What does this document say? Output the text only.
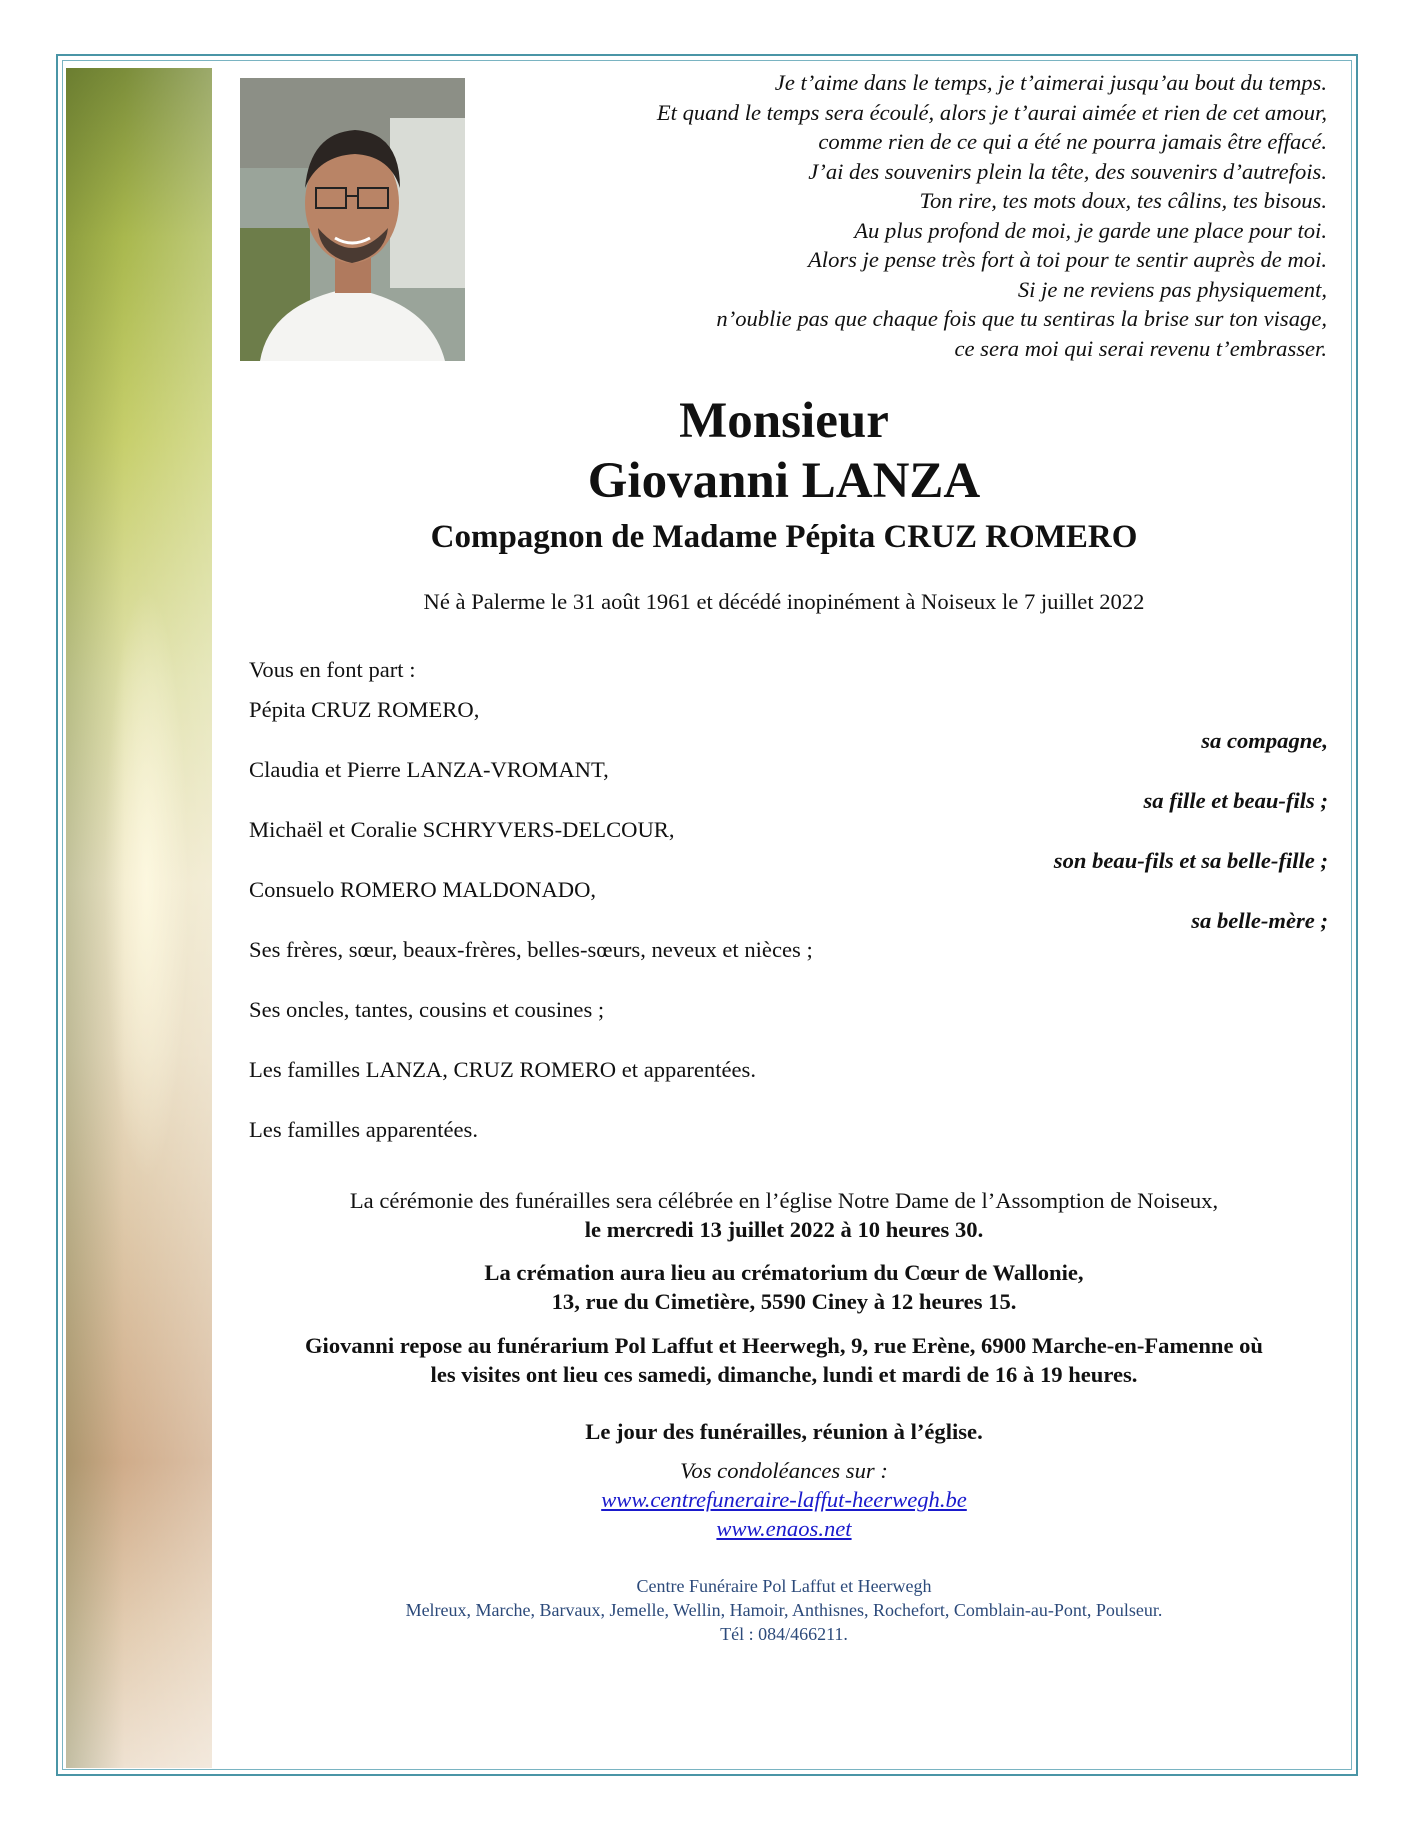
Je t’aime dans le temps, je t’aimerai jusqu’au bout du temps.
Et quand le temps sera écoulé, alors je t’aurai aimée et rien de cet amour,
comme rien de ce qui a été ne pourra jamais être effacé.
J’ai des souvenirs plein la tête, des souvenirs d’autrefois.
Ton rire, tes mots doux, tes câlins, tes bisous.
Au plus profond de moi, je garde une place pour toi.
Alors je pense très fort à toi pour te sentir auprès de moi.
Si je ne reviens pas physiquement,
n’oublie pas que chaque fois que tu sentiras la brise sur ton visage,
ce sera moi qui serai revenu t’embrasser.
Monsieur
Giovanni LANZA
Compagnon de Madame Pépita CRUZ ROMERO
Né à Palerme le 31 août 1961 et décédé inopinément à Noiseux le 7 juillet 2022
Vous en font part :
Pépita CRUZ ROMERO,
sa compagne,
Claudia et Pierre LANZA-VROMANT,
sa fille et beau-fils ;
Michaël et Coralie SCHRYVERS-DELCOUR,
son beau-fils et sa belle-fille ;
Consuelo ROMERO MALDONADO,
sa belle-mère ;
Ses frères, sœur, beaux-frères, belles-sœurs, neveux et nièces ;
Ses oncles, tantes, cousins et cousines ;
Les familles LANZA, CRUZ ROMERO et apparentées.
Les familles apparentées.
La cérémonie des funérailles sera célébrée en l’église Notre Dame de l’Assomption de Noiseux,
le mercredi 13 juillet 2022 à 10 heures 30.
La crémation aura lieu au crématorium du Cœur de Wallonie,
13, rue du Cimetière, 5590 Ciney à 12 heures 15.
Giovanni repose au funérarium Pol Laffut et Heerwegh, 9, rue Erène, 6900 Marche-en-Famenne où
les visites ont lieu ces samedi, dimanche, lundi et mardi de 16 à 19 heures.
Le jour des funérailles, réunion à l’église.
Vos condoléances sur :
www.centrefuneraire-laffut-heerwegh.be
www.enaos.net
Centre Funéraire Pol Laffut et Heerwegh
Melreux, Marche, Barvaux, Jemelle, Wellin, Hamoir, Anthisnes, Rochefort, Comblain-au-Pont, Poulseur.
Tél : 084/466211.
